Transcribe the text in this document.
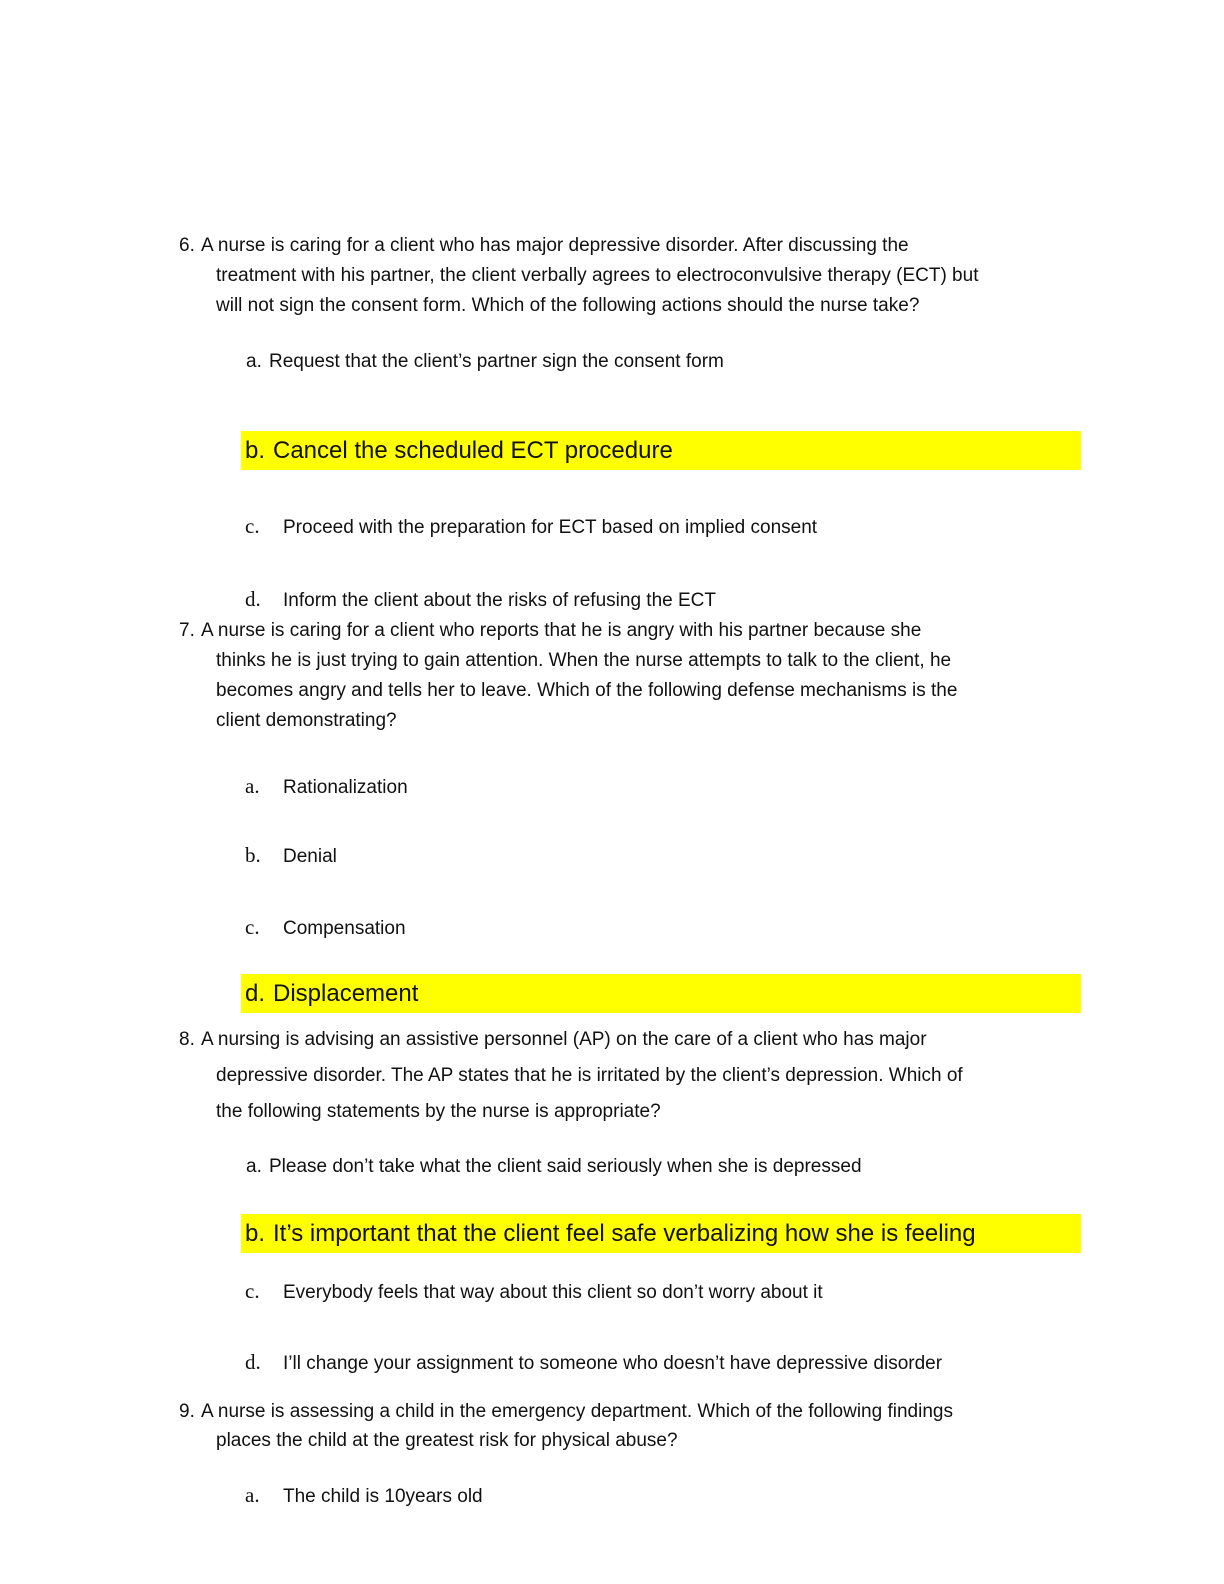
6. A nurse is caring for a client who has major depressive disorder. After discussing the
treatment with his partner, the client verbally agrees to electroconvulsive therapy (ECT) but
will not sign the consent form. Which of the following actions should the nurse take?
a. Request that the client’s partner sign the consent form
b. Cancel the scheduled ECT procedure
c. Proceed with the preparation for ECT based on implied consent
d. Inform the client about the risks of refusing the ECT
7. A nurse is caring for a client who reports that he is angry with his partner because she
thinks he is just trying to gain attention. When the nurse attempts to talk to the client, he
becomes angry and tells her to leave. Which of the following defense mechanisms is the
client demonstrating?
a. Rationalization
b. Denial
c. Compensation
d. Displacement
8. A nursing is advising an assistive personnel (AP) on the care of a client who has major
depressive disorder. The AP states that he is irritated by the client’s depression. Which of
the following statements by the nurse is appropriate?
a. Please don’t take what the client said seriously when she is depressed
b. It’s important that the client feel safe verbalizing how she is feeling
c. Everybody feels that way about this client so don’t worry about it
d. I’ll change your assignment to someone who doesn’t have depressive disorder
9. A nurse is assessing a child in the emergency department. Which of the following findings
places the child at the greatest risk for physical abuse?
a. The child is 10years old
